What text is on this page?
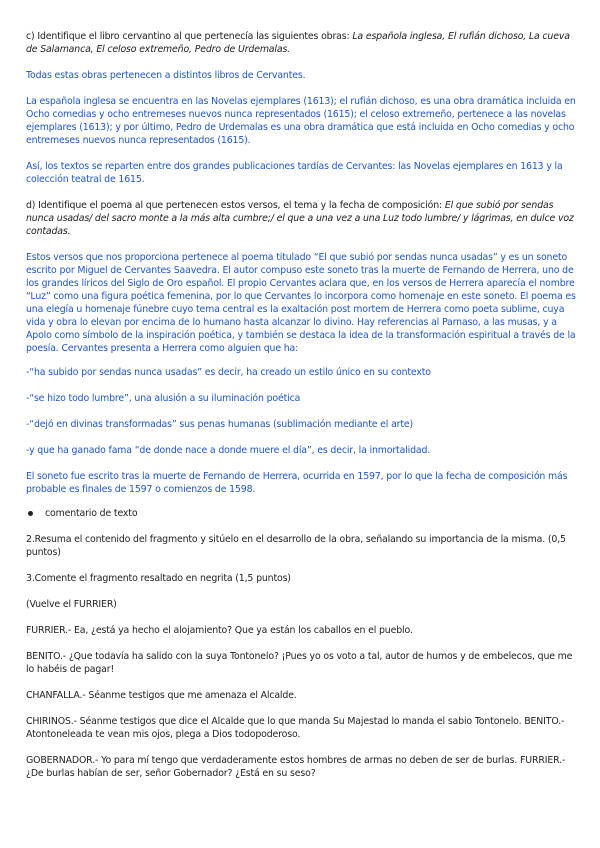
c) Identifique el libro cervantino al que pertenecía las siguientes obras: La española inglesa, El rufián dichoso, La cueva de Salamanca, El celoso extremeño, Pedro de Urdemalas.

Todas estas obras pertenecen a distintos libros de Cervantes.

La española inglesa se encuentra en las Novelas ejemplares (1613); el rufián dichoso, es una obra dramática incluida en Ocho comedias y ocho entremeses nuevos nunca representados (1615); el celoso extremeño, pertenece a las novelas ejemplares (1613); y por último, Pedro de Urdemalas es una obra dramática que está incluida en Ocho comedias y ocho entremeses nuevos nunca representados (1615).

Así, los textos se reparten entre dos grandes publicaciones tardías de Cervantes: las Novelas ejemplares en 1613 y la colección teatral de 1615.

d) Identifique el poema al que pertenecen estos versos, el tema y la fecha de composición: El que subió por sendas nunca usadas/ del sacro monte a la más alta cumbre;/ el que a una vez a una Luz todo lumbre/ y lágrimas, en dulce voz contadas.

Estos versos que nos proporciona pertenece al poema titulado “El que subió por sendas nunca usadas” y es un soneto escrito por Miguel de Cervantes Saavedra. El autor compuso este soneto tras la muerte de Fernando de Herrera, uno de los grandes líricos del Siglo de Oro español. El propio Cervantes aclara que, en los versos de Herrera aparecía el nombre “Luz” como una figura poética femenina, por lo que Cervantes lo incorpora como homenaje en este soneto. El poema es una elegía u homenaje fúnebre cuyo tema central es la exaltación post mortem de Herrera como poeta sublime, cuya vida y obra lo elevan por encima de lo humano hasta alcanzar lo divino. Hay referencias al Parnaso, a las musas, y a Apolo como símbolo de la inspiración poética, y también se destaca la idea de la transformación espiritual a través de la poesía. Cervantes presenta a Herrera como alguien que ha:

-“ha subido por sendas nunca usadas” es decir, ha creado un estilo único en su contexto

-“se hizo todo lumbre”, una alusión a su iluminación poética

-“dejó en divinas transformadas” sus penas humanas (sublimación mediante el arte)

-y que ha ganado fama “de donde nace a donde muere el día”, es decir, la inmortalidad.

El soneto fue escrito tras la muerte de Fernando de Herrera, ocurrida en 1597, por lo que la fecha de composición más probable es finales de 1597 o comienzos de 1598.

comentario de texto

2.Resuma el contenido del fragmento y sitúelo en el desarrollo de la obra, señalando su importancia de la misma. (0,5 puntos)

3.Comente el fragmento resaltado en negrita (1,5 puntos)

(Vuelve el FURRIER)

FURRIER.- Ea, ¿está ya hecho el alojamiento? Que ya están los caballos en el pueblo.

BENITO.- ¿Que todavía ha salido con la suya Tontonelo? ¡Pues yo os voto a tal, autor de humos y de embelecos, que me lo habéis de pagar!

CHANFALLA.- Séanme testigos que me amenaza el Alcalde.

CHIRINOS.- Séanme testigos que dice el Alcalde que lo que manda Su Majestad lo manda el sabio Tontonelo. BENITO.- Atontoneleada te vean mis ojos, plega a Dios todopoderoso.

GOBERNADOR.- Yo para mí tengo que verdaderamente estos hombres de armas no deben de ser de burlas. FURRIER.- ¿De burlas habían de ser, señor Gobernador? ¿Está en su seso?
